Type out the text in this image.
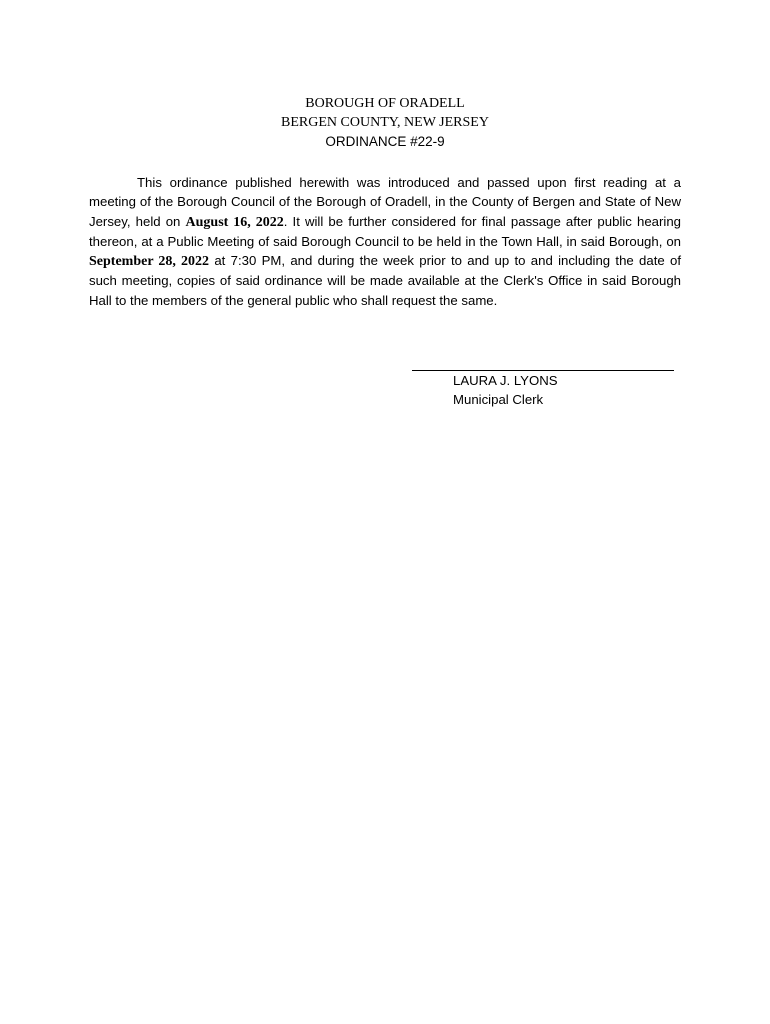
BOROUGH OF ORADELL
BERGEN COUNTY, NEW JERSEY
ORDINANCE #22-9

This ordinance published herewith was introduced and passed upon first reading at a meeting of the Borough Council of the Borough of Oradell, in the County of Bergen and State of New Jersey, held on August 16, 2022. It will be further considered for final passage after public hearing thereon, at a Public Meeting of said Borough Council to be held in the Town Hall, in said Borough, on September 28, 2022 at 7:30 PM, and during the week prior to and up to and including the date of such meeting, copies of said ordinance will be made available at the Clerk's Office in said Borough Hall to the members of the general public who shall request the same.

LAURA J. LYONS
Municipal Clerk
